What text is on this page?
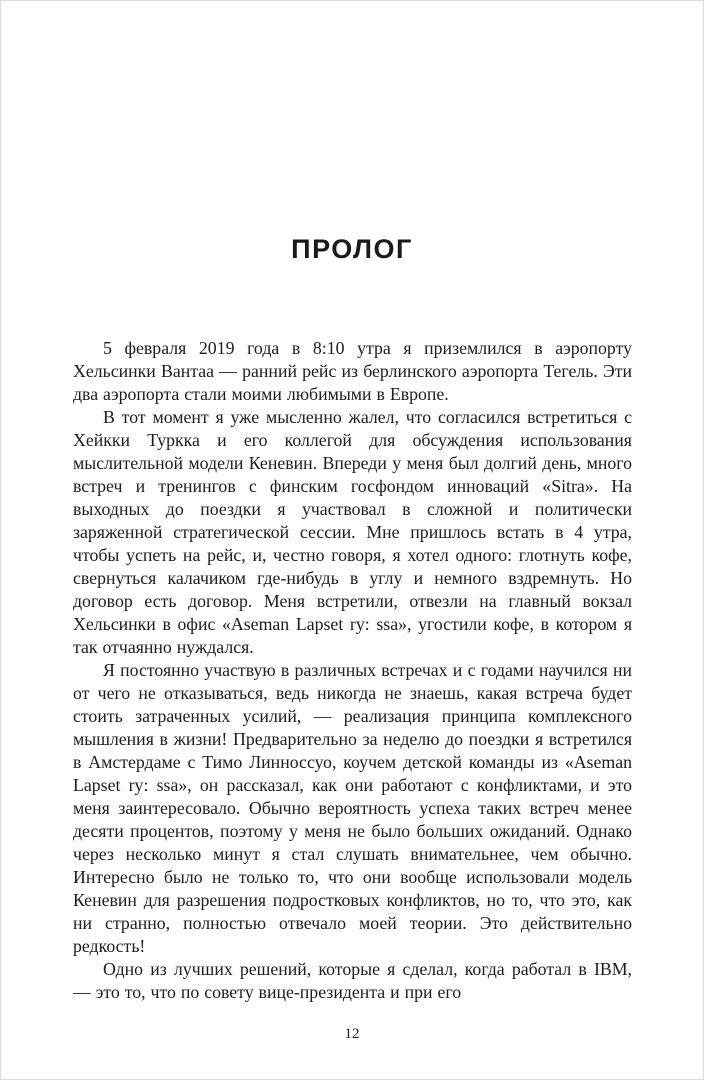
ПРОЛОГ

5 февраля 2019 года в 8:10 утра я приземлился в аэропорту Хельсинки Вантаа — ранний рейс из берлинского аэропорта Тегель. Эти два аэропорта стали моими любимыми в Европе.

В тот момент я уже мысленно жалел, что согласился встретиться с Хейкки Туркка и его коллегой для обсуждения использования мыслительной модели Кеневин. Впереди у меня был долгий день, много встреч и тренингов с финским госфондом инноваций «Sitra». На выходных до поездки я участвовал в сложной и политически заряженной стратегической сессии. Мне пришлось встать в 4 утра, чтобы успеть на рейс, и, честно говоря, я хотел одного: глотнуть кофе, свернуться калачиком где-нибудь в углу и немного вздремнуть. Но договор есть договор. Меня встретили, отвезли на главный вокзал Хельсинки в офис «Aseman Lapset ry: ssa», угостили кофе, в котором я так отчаянно нуждался.

Я постоянно участвую в различных встречах и с годами научился ни от чего не отказываться, ведь никогда не знаешь, какая встреча будет стоить затраченных усилий, — реализация принципа комплексного мышления в жизни! Предварительно за неделю до поездки я встретился в Амстердаме с Тимо Линноссуо, коучем детской команды из «Aseman Lapset ry: ssa», он рассказал, как они работают с конфликтами, и это меня заинтересовало. Обычно вероятность успеха таких встреч менее десяти процентов, поэтому у меня не было больших ожиданий. Однако через несколько минут я стал слушать внимательнее, чем обычно. Интересно было не только то, что они вообще использовали модель Кеневин для разрешения подростковых конфликтов, но то, что это, как ни странно, полностью отвечало моей теории. Это действительно редкость!

Одно из лучших решений, которые я сделал, когда работал в IBM, — это то, что по совету вице-президента и при его

12
